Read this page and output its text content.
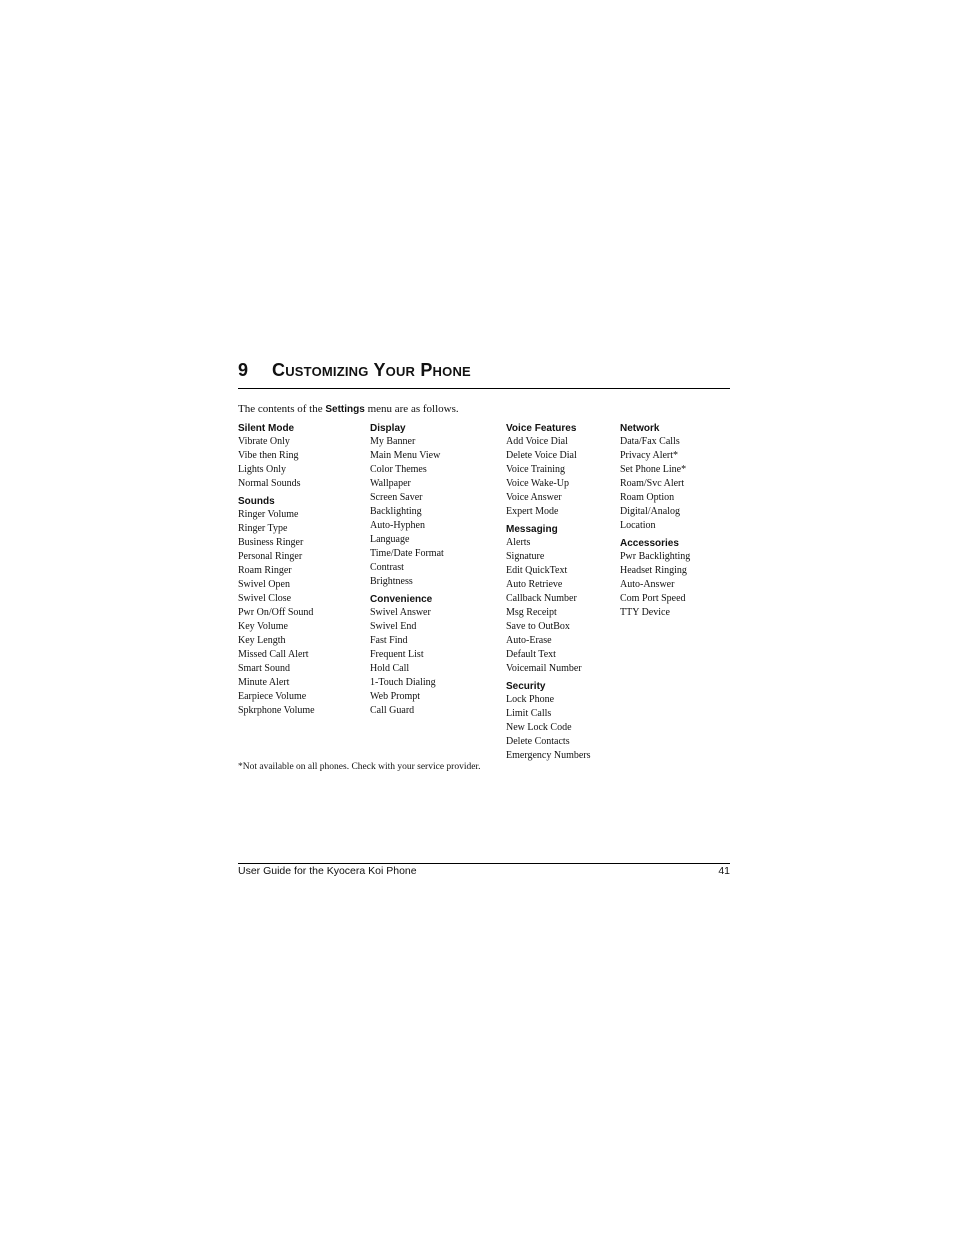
9 Customizing Your Phone
The contents of the Settings menu are as follows.
Silent Mode
Vibrate Only
Vibe then Ring
Lights Only
Normal Sounds
Sounds
Ringer Volume
Ringer Type
Business Ringer
Personal Ringer
Roam Ringer
Swivel Open
Swivel Close
Pwr On/Off Sound
Key Volume
Key Length
Missed Call Alert
Smart Sound
Minute Alert
Earpiece Volume
Spkrphone Volume
Display
My Banner
Main Menu View
Color Themes
Wallpaper
Screen Saver
Backlighting
Auto-Hyphen
Language
Time/Date Format
Contrast
Brightness
Convenience
Swivel Answer
Swivel End
Fast Find
Frequent List
Hold Call
1-Touch Dialing
Web Prompt
Call Guard
Voice Features
Add Voice Dial
Delete Voice Dial
Voice Training
Voice Wake-Up
Voice Answer
Expert Mode
Messaging
Alerts
Signature
Edit QuickText
Auto Retrieve
Callback Number
Msg Receipt
Save to OutBox
Auto-Erase
Default Text
Voicemail Number
Security
Lock Phone
Limit Calls
New Lock Code
Delete Contacts
Emergency Numbers
Network
Data/Fax Calls
Privacy Alert*
Set Phone Line*
Roam/Svc Alert
Roam Option
Digital/Analog
Location
Accessories
Pwr Backlighting
Headset Ringing
Auto-Answer
Com Port Speed
TTY Device
*Not available on all phones. Check with your service provider.
User Guide for the Kyocera Koi Phone	41
